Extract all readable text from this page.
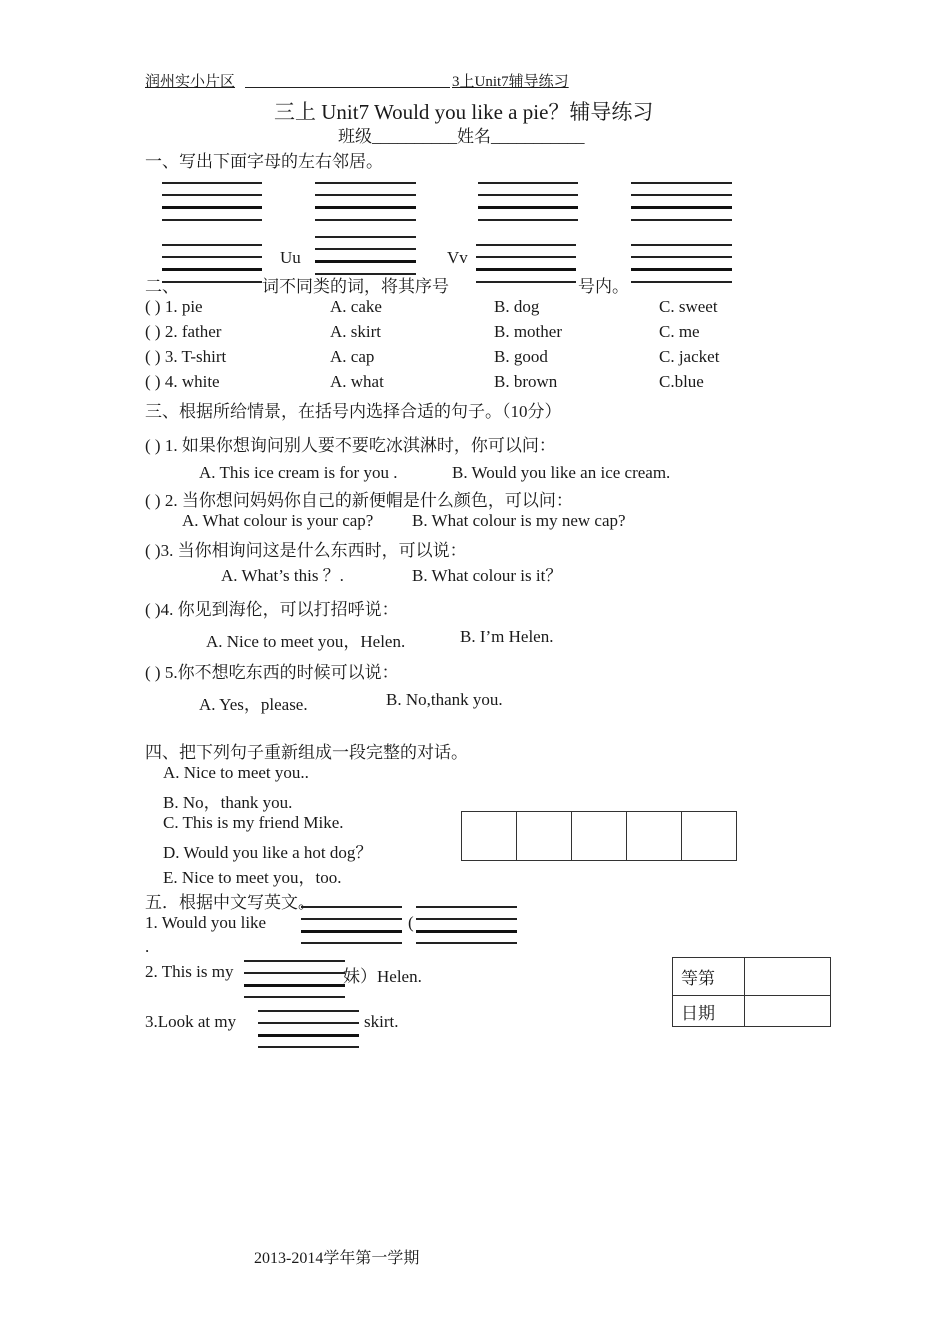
润州实小片区	3上Unit7辅导练习
三上 Unit7 Would you like a pie？辅导练习
班级__________姓名___________
一、写出下面字母的左右邻居。
Uu	Vv
二、	词不同类的词，将其序号	号内。
( ) 1. pie	A. cake	B. dog	C. sweet
( ) 2. father	A. skirt	B. mother	C. me
( ) 3. T-shirt	A. cap	B. good	C. jacket
( ) 4. white	A. what	B. brown	C.blue
三、根据所给情景，在括号内选择合适的句子。（10分）
( ) 1. 如果你想询问别人要不要吃冰淇淋时，你可以问：
A. This ice cream is for you .	B. Would you like an ice cream.
( ) 2. 当你想问妈妈你自己的新便帽是什么颜色，可以问：
A. What colour is your cap? B. What colour is my new cap?
( )3. 当你相询问这是什么东西时，可以说：
A. What’s this ？.	B. What colour is it？
( )4. 你见到海伦，可以打招呼说：
A. Nice to meet you，Helen.	B. I’m Helen.
( ) 5.你不想吃东西的时候可以说：
A. Yes，please.	B. No,thank you.
四、把下列句子重新组成一段完整的对话。
A. Nice to meet you..
B. No，thank you.
C. This is my friend Mike.
D. Would you like a hot dog？
E. Nice to meet you，too.

五．根据中文写英文。
1. Would you like	(
.
2. This is my	妹）Helen.
3.Look at my	skirt.
等第	
日期	
2013-2014学年第一学期
